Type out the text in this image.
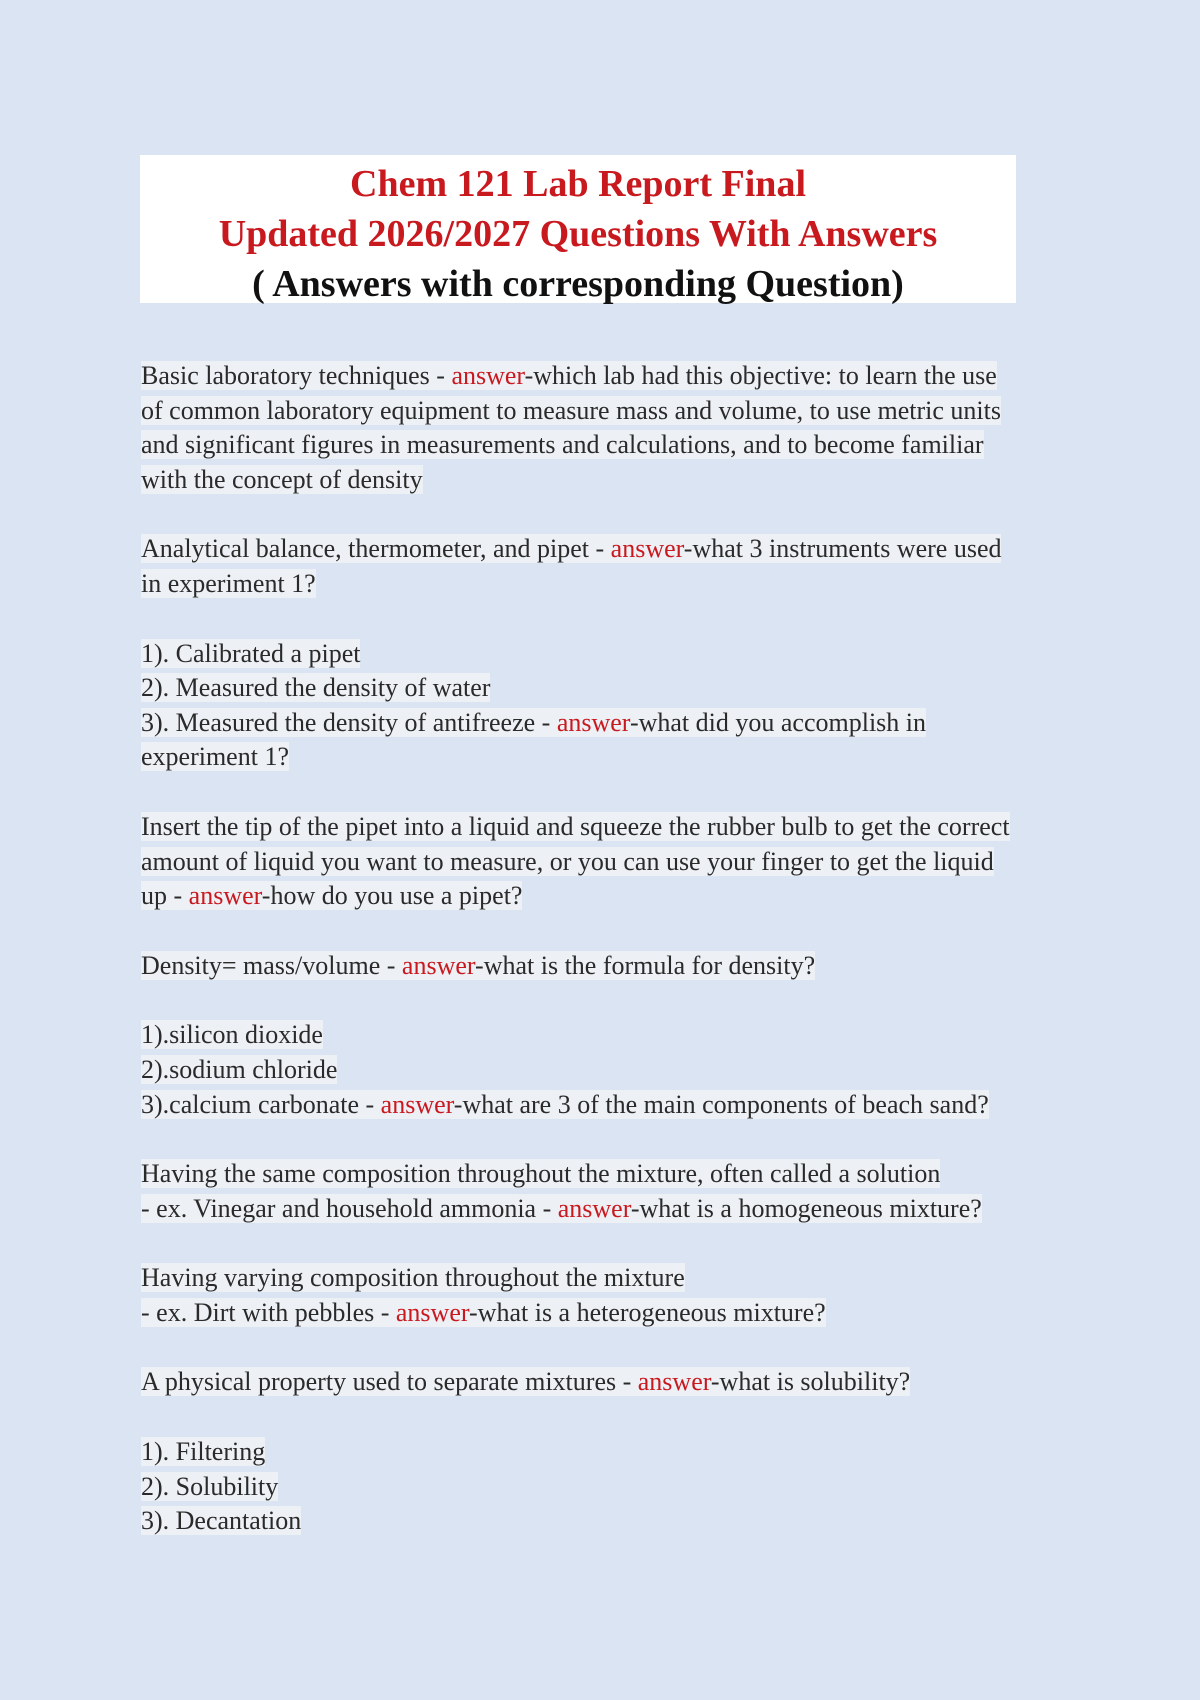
Chem 121 Lab Report Final
Updated 2026/2027 Questions With Answers
( Answers with corresponding Question)
Basic laboratory techniques - answer-which lab had this objective: to learn the use
of common laboratory equipment to measure mass and volume, to use metric units
and significant figures in measurements and calculations, and to become familiar
with the concept of density
Analytical balance, thermometer, and pipet - answer-what 3 instruments were used
in experiment 1?
1). Calibrated a pipet
2). Measured the density of water
3). Measured the density of antifreeze - answer-what did you accomplish in
experiment 1?
Insert the tip of the pipet into a liquid and squeeze the rubber bulb to get the correct
amount of liquid you want to measure, or you can use your finger to get the liquid
up - answer-how do you use a pipet?
Density= mass/volume - answer-what is the formula for density?
1).silicon dioxide
2).sodium chloride
3).calcium carbonate - answer-what are 3 of the main components of beach sand?
Having the same composition throughout the mixture, often called a solution
- ex. Vinegar and household ammonia - answer-what is a homogeneous mixture?
Having varying composition throughout the mixture
- ex. Dirt with pebbles - answer-what is a heterogeneous mixture?
A physical property used to separate mixtures - answer-what is solubility?
1). Filtering
2). Solubility
3). Decantation
